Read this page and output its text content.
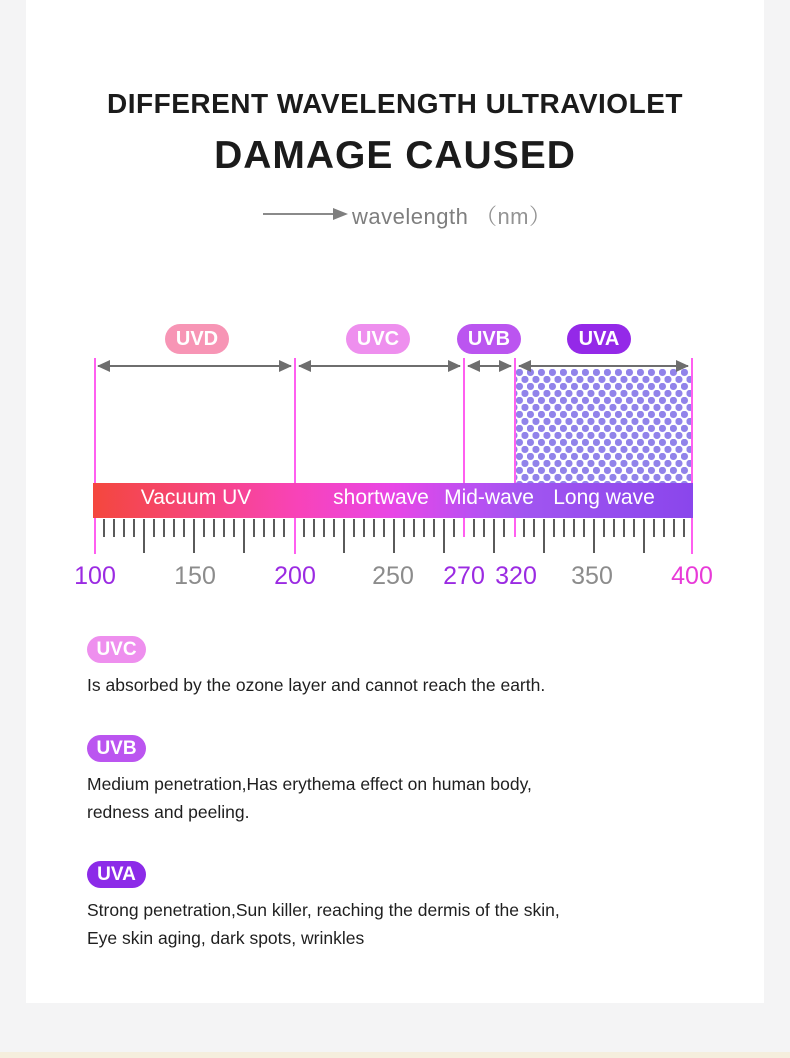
DIFFERENT WAVELENGTH ULTRAVIOLET
DAMAGE CAUSED
wavelength （nm）
UVD	UVC	UVB	UVA
Vacuum UV	shortwave Mid-wave Long wave
100 150 200 250 270 320 350 400
UVC
Is absorbed by the ozone layer and cannot reach the earth.
UVB
Medium penetration,Has erythema effect on human body,
redness and peeling.
UVA
Strong penetration,Sun killer, reaching the dermis of the skin,
Eye skin aging, dark spots, wrinkles
